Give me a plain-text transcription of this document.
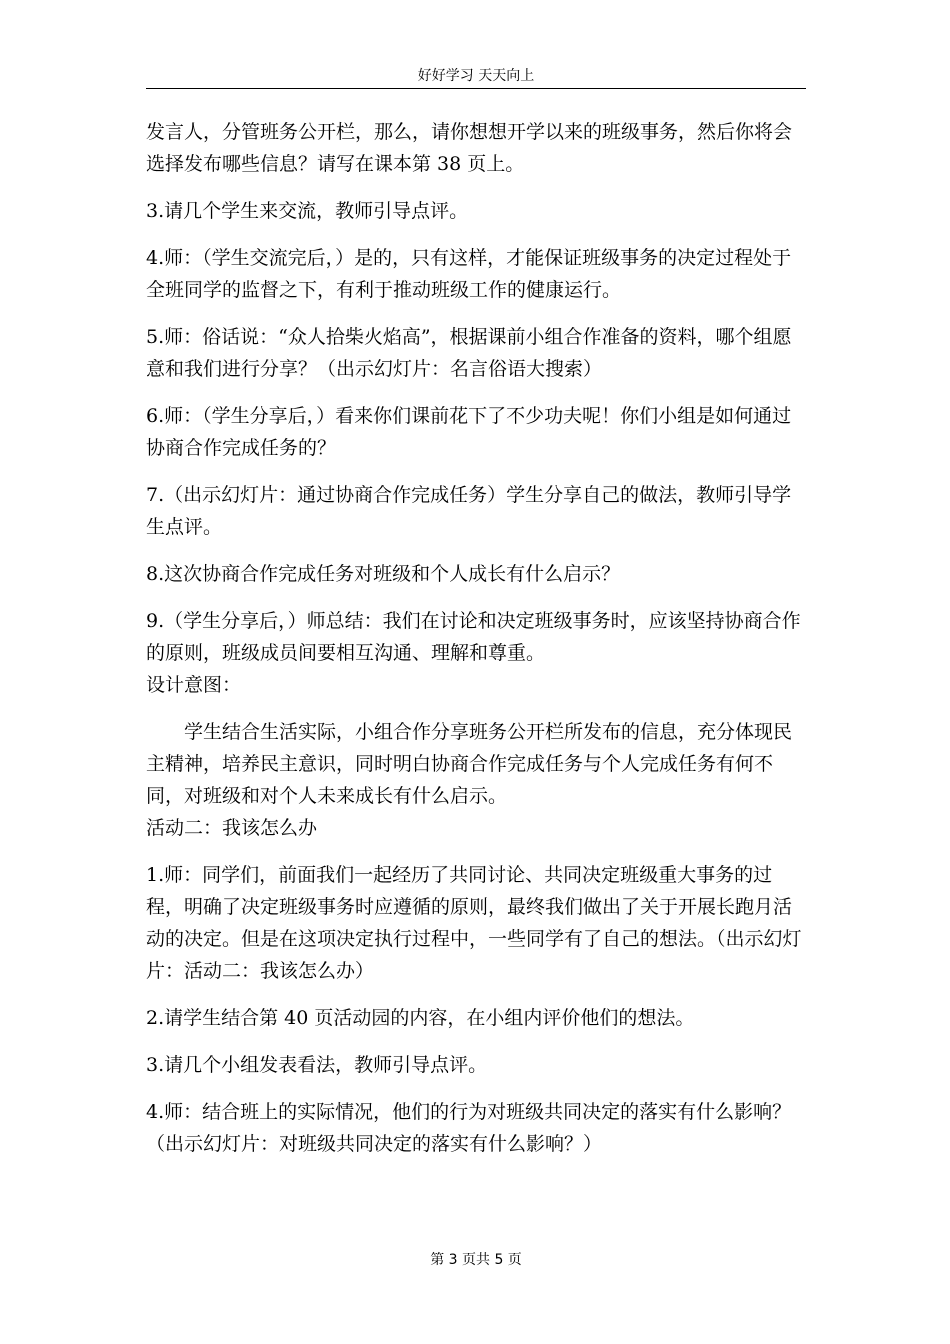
好好学习 天天向上

发言人，分管班务公开栏，那么，请你想想开学以来的班级事务，然后你将会选择发布哪些信息？请写在课本第 38 页上。

3.请几个学生来交流，教师引导点评。

4.师：（学生交流完后，）是的，只有这样，才能保证班级事务的决定过程处于全班同学的监督之下，有利于推动班级工作的健康运行。

5.师：俗话说：“众人拾柴火焰高”，根据课前小组合作准备的资料，哪个组愿意和我们进行分享？（出示幻灯片：名言俗语大搜索）

6.师：（学生分享后，）看来你们课前花下了不少功夫呢！你们小组是如何通过协商合作完成任务的？

7.（出示幻灯片：通过协商合作完成任务）学生分享自己的做法，教师引导学生点评。

8.这次协商合作完成任务对班级和个人成长有什么启示？

9.（学生分享后，）师总结：我们在讨论和决定班级事务时，应该坚持协商合作的原则，班级成员间要相互沟通、理解和尊重。

设计意图：

学生结合生活实际，小组合作分享班务公开栏所发布的信息，充分体现民主精神，培养民主意识，同时明白协商合作完成任务与个人完成任务有何不同，对班级和对个人未来成长有什么启示。

活动二：我该怎么办

1.师：同学们，前面我们一起经历了共同讨论、共同决定班级重大事务的过程，明确了决定班级事务时应遵循的原则，最终我们做出了关于开展长跑月活动的决定。但是在这项决定执行过程中，一些同学有了自己的想法。（出示幻灯片：活动二：我该怎么办）

2.请学生结合第 40 页活动园的内容，在小组内评价他们的想法。

3.请几个小组发表看法，教师引导点评。

4.师：结合班上的实际情况，他们的行为对班级共同决定的落实有什么影响？（出示幻灯片：对班级共同决定的落实有什么影响？）

第 3 页共 5 页
